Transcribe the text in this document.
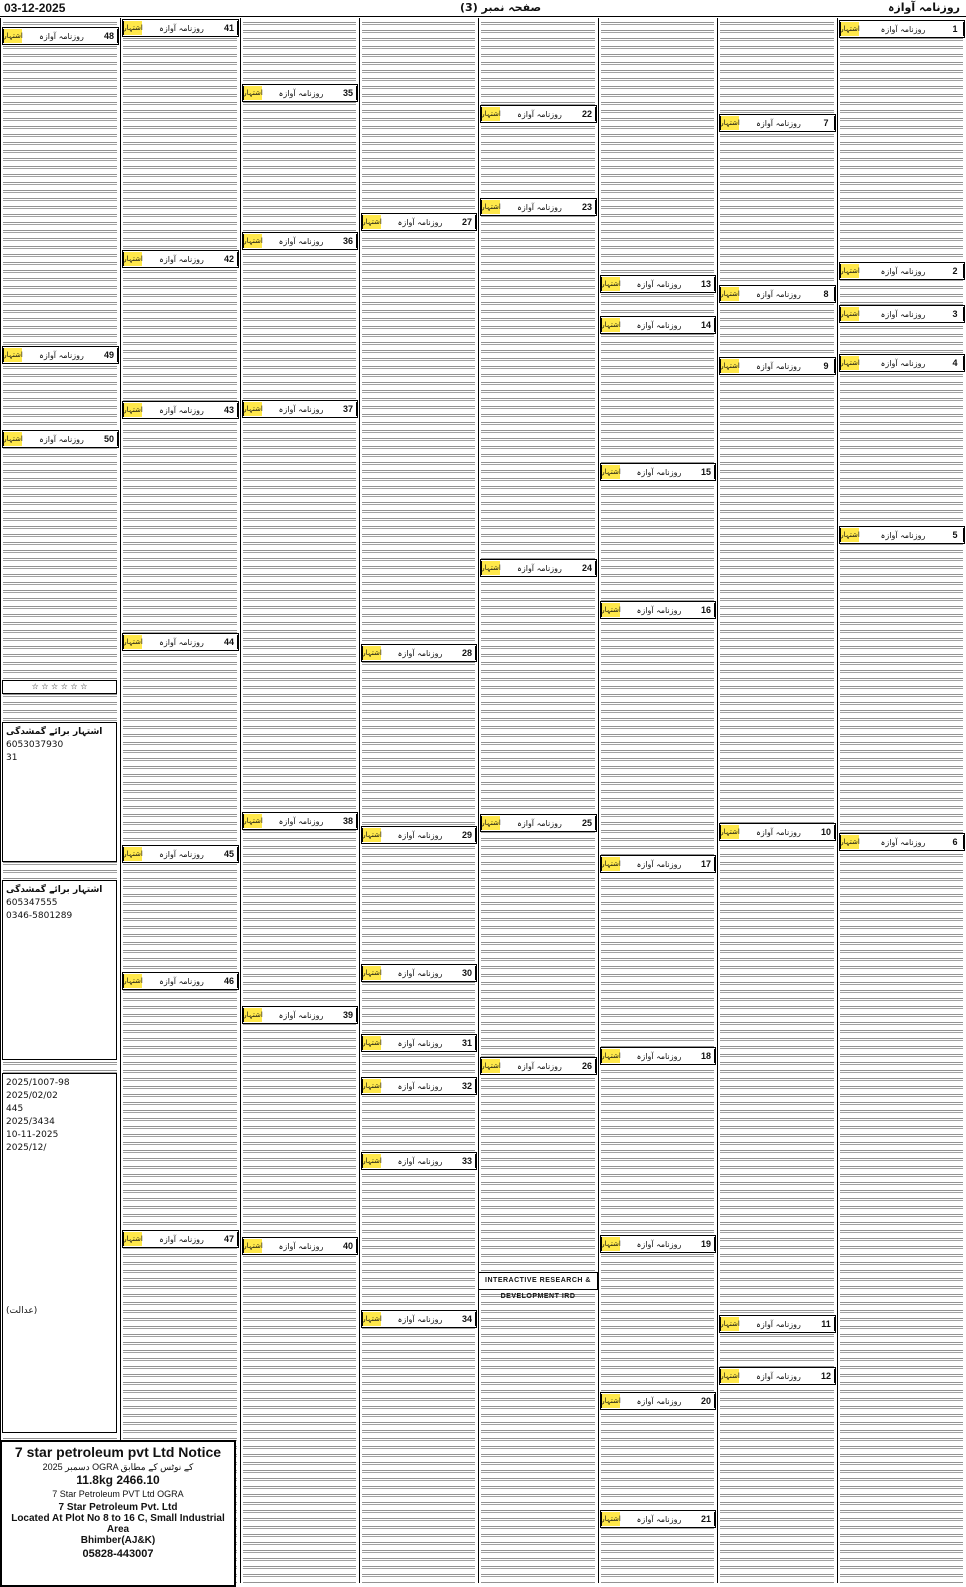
03-12-2025	صفحہ نمبر (3)	روزنامہ آوازہ
اشتہار	روزنامہ آوازہ	1
اشتہار	روزنامہ آوازہ	2
اشتہار	روزنامہ آوازہ	3
اشتہار	روزنامہ آوازہ	4
اشتہار	روزنامہ آوازہ	5
اشتہار	روزنامہ آوازہ	6
اشتہار	روزنامہ آوازہ	7
اشتہار	روزنامہ آوازہ	8
اشتہار	روزنامہ آوازہ	9
اشتہار	روزنامہ آوازہ	10
اشتہار	روزنامہ آوازہ	11
اشتہار	روزنامہ آوازہ	12
اشتہار	روزنامہ آوازہ	13
اشتہار	روزنامہ آوازہ	14
اشتہار	روزنامہ آوازہ	15
اشتہار	روزنامہ آوازہ	16
اشتہار	روزنامہ آوازہ	17
اشتہار	روزنامہ آوازہ	18
اشتہار	روزنامہ آوازہ	19
اشتہار	روزنامہ آوازہ	20
اشتہار	روزنامہ آوازہ	21
اشتہار	روزنامہ آوازہ	22
اشتہار	روزنامہ آوازہ	23
اشتہار	روزنامہ آوازہ	24
اشتہار	روزنامہ آوازہ	25
اشتہار	روزنامہ آوازہ	26
اشتہار	روزنامہ آوازہ	27
اشتہار	روزنامہ آوازہ	28
اشتہار	روزنامہ آوازہ	29
اشتہار	روزنامہ آوازہ	30
اشتہار	روزنامہ آوازہ	31
اشتہار	روزنامہ آوازہ	32
اشتہار	روزنامہ آوازہ	33
اشتہار	روزنامہ آوازہ	34
اشتہار	روزنامہ آوازہ	35
اشتہار	روزنامہ آوازہ	36
اشتہار	روزنامہ آوازہ	37
اشتہار	روزنامہ آوازہ	38
اشتہار	روزنامہ آوازہ	39
اشتہار	روزنامہ آوازہ	40
اشتہار	روزنامہ آوازہ	41
اشتہار	روزنامہ آوازہ	42
اشتہار	روزنامہ آوازہ	43
اشتہار	روزنامہ آوازہ	44
اشتہار	روزنامہ آوازہ	45
اشتہار	روزنامہ آوازہ	46
اشتہار	روزنامہ آوازہ	47
اشتہار	روزنامہ آوازہ	48
اشتہار	روزنامہ آوازہ	49
اشتہار	روزنامہ آوازہ	50
☆ ☆ ☆ ☆ ☆ ☆
اشتہار برائے گمشدگی
6053037930
31
اشتہار برائے گمشدگی
605347555
0346-5801289
2025/1007-98
2025/02/02
445
2025/3434
10-11-2025
2025/12/
(عدالت)
INTERACTIVE RESEARCH & DEVELOPMENT IRD
7 star petroleum pvt Ltd Notice
دسمبر 2025 OGRA کے نوٹس کے مطابق
11.8kg 2466.10
7 Star Petroleum PVT Ltd OGRA
7 Star Petroleum Pvt. Ltd
Located At Plot No 8 to 16 C, Small Industrial Area
Bhimber(AJ&K)
05828-443007
